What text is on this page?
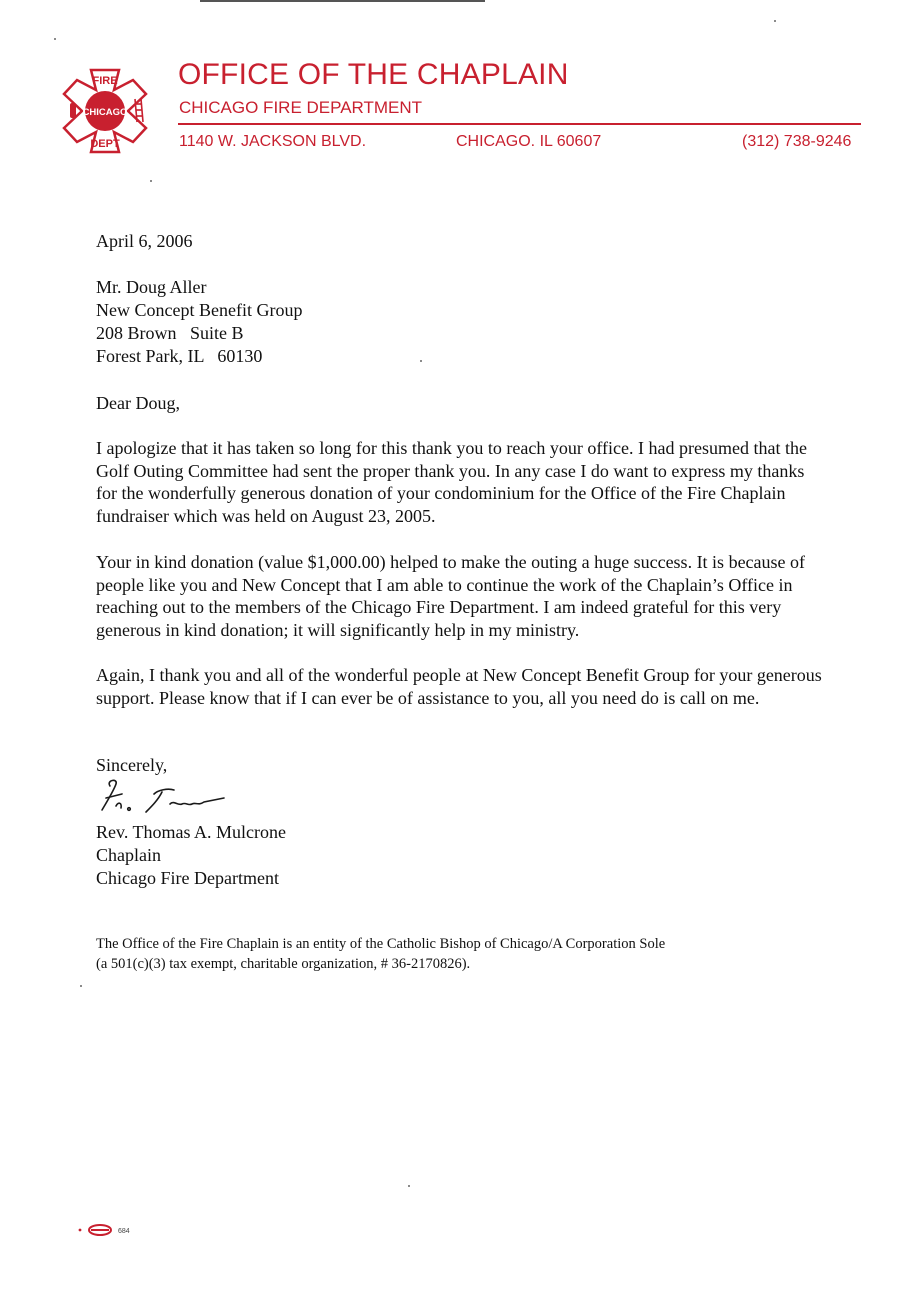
FIRE
CHICAGO
DEPT
OFFICE OF THE CHAPLAIN
CHICAGO FIRE DEPARTMENT
1140 W. JACKSON BLVD.	CHICAGO. IL 60607	(312) 738-9246
April 6, 2006
Mr. Doug Aller
New Concept Benefit Group
208 Brown   Suite B
Forest Park, IL   60130
Dear Doug,
I apologize that it has taken so long for this thank you to reach your office. I had presumed that the Golf Outing Committee had sent the proper thank you. In any case I do want to express my thanks for the wonderfully generous donation of your condominium for the Office of the Fire Chaplain fundraiser which was held on August 23, 2005.
Your in kind donation (value $1,000.00) helped to make the outing a huge success. It is because of people like you and New Concept that I am able to continue the work of the Chaplain’s Office in reaching out to the members of the Chicago Fire Department. I am indeed grateful for this very generous in kind donation; it will significantly help in my ministry.
Again, I thank you and all of the wonderful people at New Concept Benefit Group for your generous support. Please know that if I can ever be of assistance to you, all you need do is call on me.
Sincerely,
Rev. Thomas A. Mulcrone
Chaplain
Chicago Fire Department
The Office of the Fire Chaplain is an entity of the Catholic Bishop of Chicago/A Corporation Sole
(a 501(c)(3) tax exempt, charitable organization, # 36-2170826).
684
